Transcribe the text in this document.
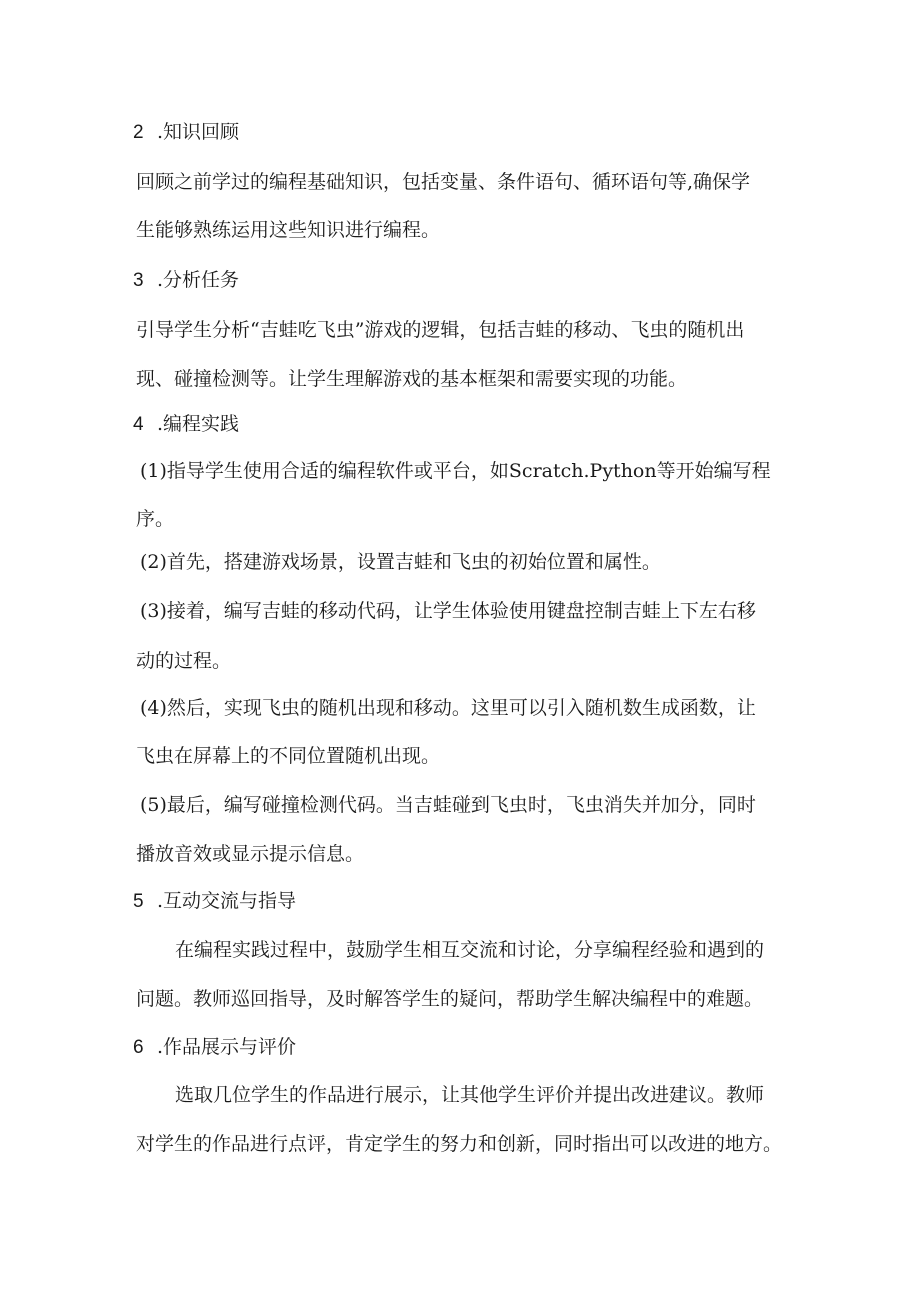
2 .知识回顾
回顾之前学过的编程基础知识，包括变量、条件语句、循环语句等,确保学
生能够熟练运用这些知识进行编程。
3 .分析任务
引导学生分析“吉蛙吃飞虫”游戏的逻辑，包括吉蛙的移动、飞虫的随机出
现、碰撞检测等。让学生理解游戏的基本框架和需要实现的功能。
4 .编程实践
(1)指导学生使用合适的编程软件或平台，如Scratch.Python等开始编写程
序。
(2)首先，搭建游戏场景，设置吉蛙和飞虫的初始位置和属性。
(3)接着，编写吉蛙的移动代码，让学生体验使用键盘控制吉蛙上下左右移
动的过程。
(4)然后，实现飞虫的随机出现和移动。这里可以引入随机数生成函数，让
飞虫在屏幕上的不同位置随机出现。
(5)最后，编写碰撞检测代码。当吉蛙碰到飞虫时，飞虫消失并加分，同时
播放音效或显示提示信息。
5 .互动交流与指导
在编程实践过程中，鼓励学生相互交流和讨论，分享编程经验和遇到的
问题。教师巡回指导，及时解答学生的疑问，帮助学生解决编程中的难题。
6 .作品展示与评价
选取几位学生的作品进行展示，让其他学生评价并提出改进建议。教师
对学生的作品进行点评，肯定学生的努力和创新，同时指出可以改进的地方。
